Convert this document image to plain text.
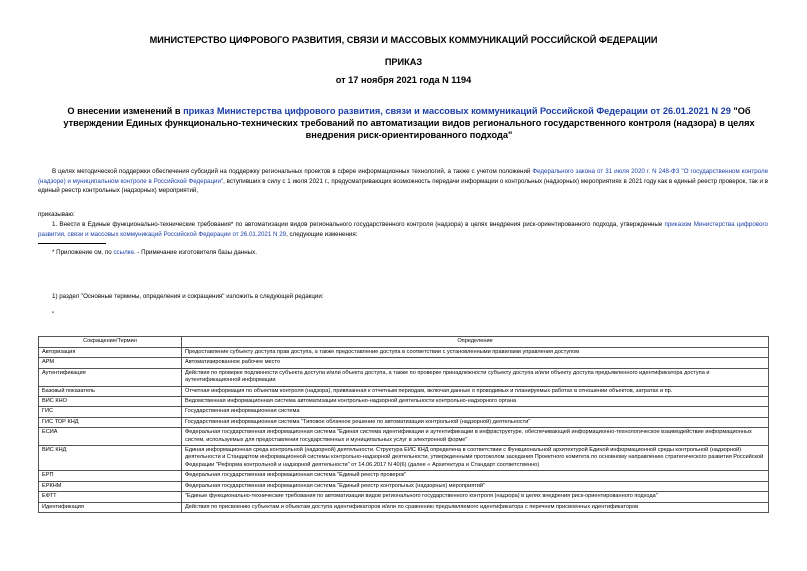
МИНИСТЕРСТВО ЦИФРОВОГО РАЗВИТИЯ, СВЯЗИ И МАССОВЫХ КОММУНИКАЦИЙ РОССИЙСКОЙ ФЕДЕРАЦИИ
ПРИКАЗ
от 17 ноября 2021 года N 1194
О внесении изменений в приказ Министерства цифрового развития, связи и массовых коммуникаций Российской Федерации от 26.01.2021 N 29 "Об утверждении Единых функционально-технических требований по автоматизации видов регионального государственного контроля (надзора) в целях внедрения риск-ориентированного подхода"
В целях методической поддержки обеспечения субсидий на поддержку региональных проектов в сфере информационных технологий, а также с учетом положений Федерального закона от 31 июля 2020 г. N 248-ФЗ "О государственном контроле (надзоре) и муниципальном контроле в Российской Федерации", вступивших в силу с 1 июля 2021 г., предусматривающих возможность передачи информации о контрольных (надзорных) мероприятиях в 2021 году как в единый реестр проверок, так и в единый реестр контрольных (надзорных) мероприятий,
приказываю:
1. Внести в Единые функционально-технические требования* по автоматизации видов регионального государственного контроля (надзора) в целях внедрения риск-ориентированного подхода, утвержденные приказом Министерства цифрового развития, связи и массовых коммуникаций Российской Федерации от 26.01.2021 N 29, следующие изменения:
* Приложение см. по ссылке. - Примечание изготовителя базы данных.
1) раздел "Основные термины, определения и сокращения" изложить в следующей редакции:
"
Сокращение/Термин	Определение
Авторизация	Предоставление субъекту доступа прав доступа, а также предоставление доступа в соответствии с установленными правилами управления доступом
АРМ	Автоматизированное рабочее место
Аутентификация	Действия по проверке подлинности субъекта доступа и/или объекта доступа, а также по проверке принадлежности субъекту доступа и/или объекту доступа предъявленного идентификатора доступа и аутентификационной информации
Базовый показатель	Отчетная информация по объектам контроля (надзора), привязанная к отчетным периодам, включая данные о проводимых и планируемых работах в отношении объектов, затратах и пр.
ВИС КНО	Ведомственная информационная система автоматизации контрольно-надзорной деятельности контрольно-надзорного органа
ГИС	Государственная информационная система
ГИС ТОР КНД	Государственная информационная система "Типовое облачное решение по автоматизации контрольной (надзорной) деятельности"
ЕСИА	Федеральная государственная информационная система "Единая система идентификации и аутентификации в инфраструктуре, обеспечивающей информационно-технологическое взаимодействие информационных систем, используемых для предоставления государственных и муниципальных услуг в электронной форме"
ВИС КНД	Единая информационная среда контрольной (надзорной) деятельности. Структура ЕИС КНД определена в соответствии с Функциональной архитектурой Единой информационной среды контрольной (надзорной) деятельности и Стандартом информационной системы контрольно-надзорной деятельности, утвержденными протоколом заседания Проектного комитета по основному направлению стратегического развития Российской Федерации "Реформа контрольной и надзорной деятельности" от 14.06.2017 N 40(6) (далее « Архитектура и Стандарт соответственно)
ЕРП	Федеральная государственная информационная система "Единый реестр проверок"
ЕРКНМ	Федеральная государственная информационная система "Единый реестр контрольных (надзорных) мероприятий"
ЕФТТ	"Единые функционально-технические требования по автоматизации видов регионального государственного контроля (надзора) в целях внедрения риск-ориентированного подхода"
Идентификация	Действия по присвоению субъектам и объектам доступа идентификаторов и/или по сравнению предъявляемого идентификатора с перечнем присвоенных идентификаторов
